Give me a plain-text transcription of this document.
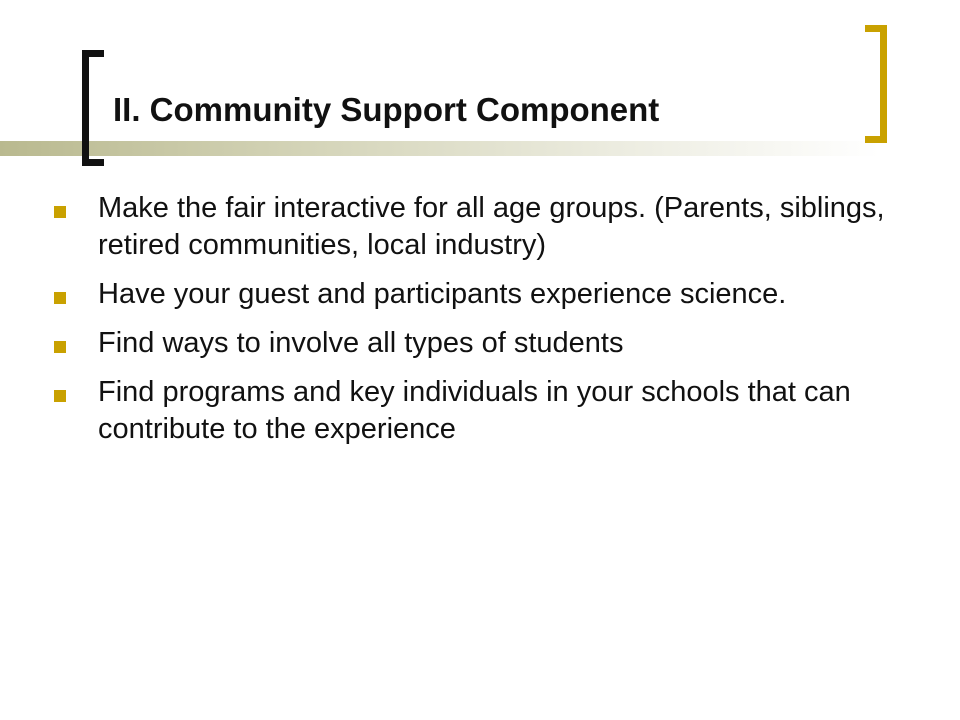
II. Community Support Component
Make the fair interactive for all age groups. (Parents, siblings, retired communities, local industry)
Have your guest and participants experience science.
Find ways to involve all types of students
Find programs and key individuals in your schools that can contribute to the experience
